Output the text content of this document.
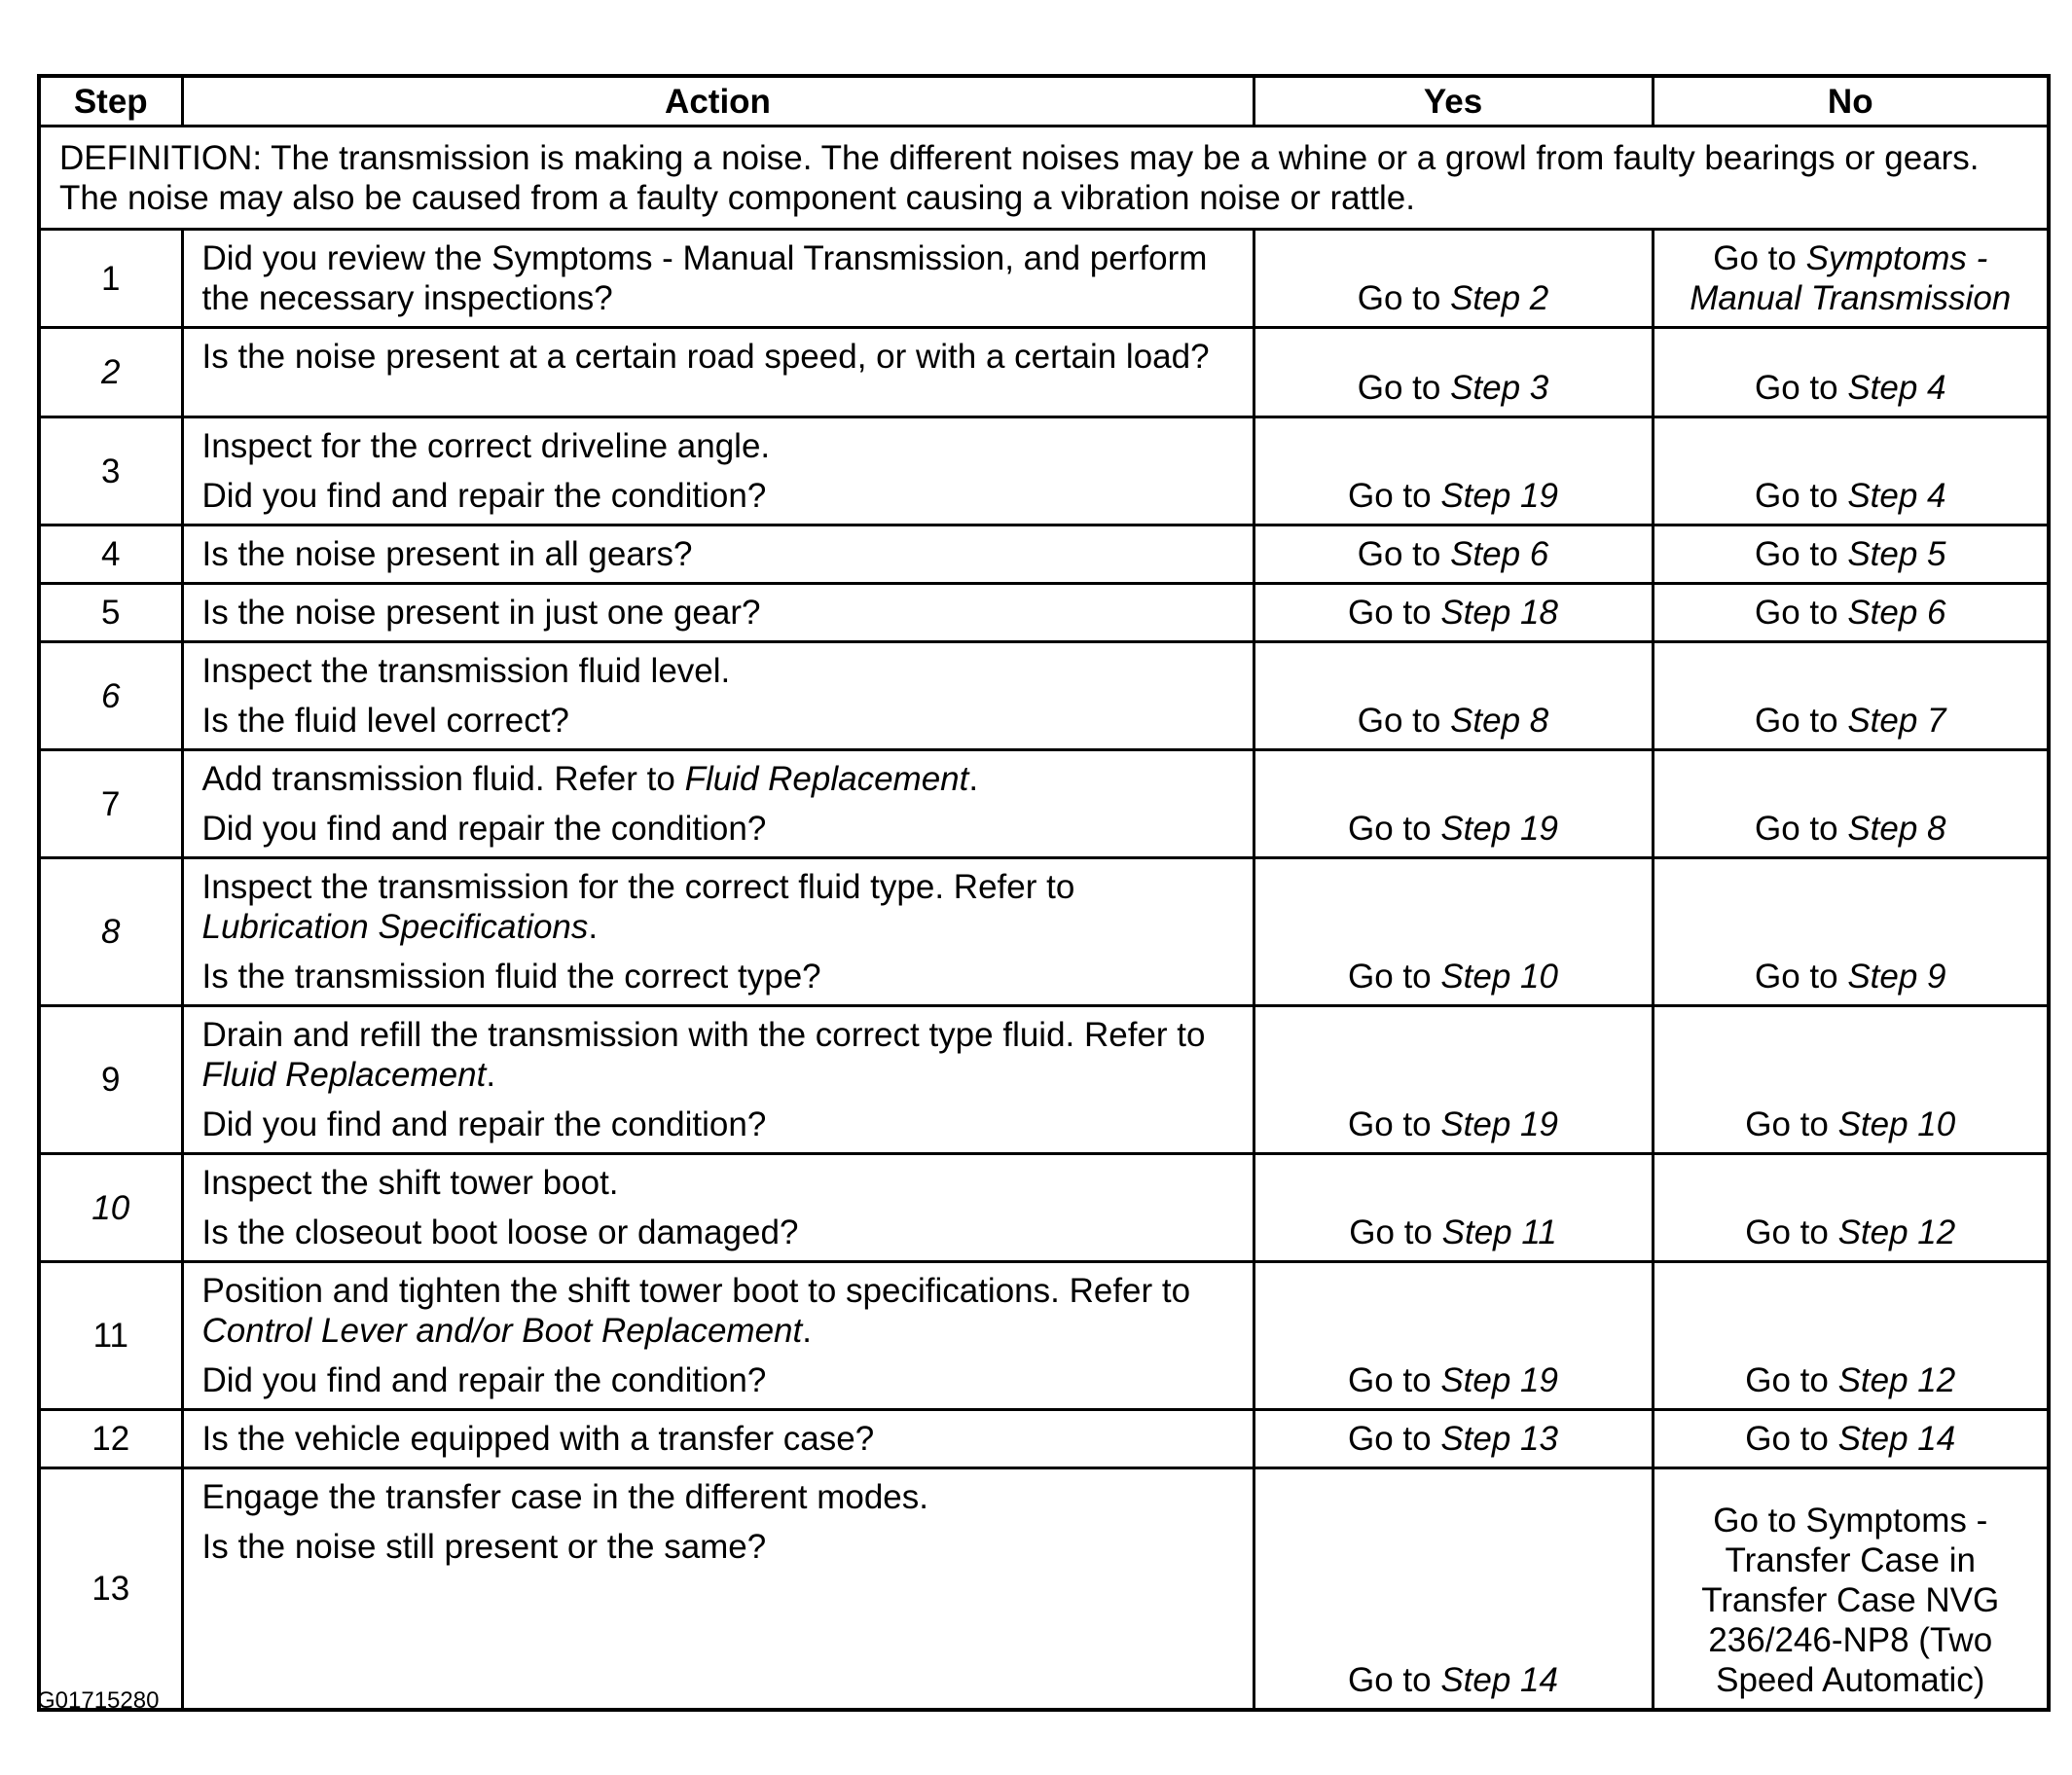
Step	Action	Yes	No
DEFINITION: The transmission is making a noise. The different noises may be a whine or a growl from faulty bearings or gears. The noise may also be caused from a faulty component causing a vibration noise or rattle.			
1	Did you review the Symptoms - Manual Transmission, and perform the necessary inspections?	Go to Step 2	Go to Symptoms - Manual Transmission
2	Is the noise present at a certain road speed, or with a certain load?	Go to Step 3	Go to Step 4
3	Inspect for the correct driveline angle.
Did you find and repair the condition?	Go to Step 19	Go to Step 4
4	Is the noise present in all gears?	Go to Step 6	Go to Step 5
5	Is the noise present in just one gear?	Go to Step 18	Go to Step 6
6	Inspect the transmission fluid level.
Is the fluid level correct?	Go to Step 8	Go to Step 7
7	Add transmission fluid. Refer to Fluid Replacement.
Did you find and repair the condition?	Go to Step 19	Go to Step 8
8	Inspect the transmission for the correct fluid type. Refer to Lubrication Specifications.
Is the transmission fluid the correct type?	Go to Step 10	Go to Step 9
9	Drain and refill the transmission with the correct type fluid. Refer to Fluid Replacement.
Did you find and repair the condition?	Go to Step 19	Go to Step 10
10	Inspect the shift tower boot.
Is the closeout boot loose or damaged?	Go to Step 11	Go to Step 12
11	Position and tighten the shift tower boot to specifications. Refer to Control Lever and/or Boot Replacement.
Did you find and repair the condition?	Go to Step 19	Go to Step 12
12	Is the vehicle equipped with a transfer case?	Go to Step 13	Go to Step 14
13	Engage the transfer case in the different modes.
Is the noise still present or the same?	Go to Step 14	Go to Symptoms - Transfer Case in Transfer Case NVG 236/246-NP8 (Two Speed Automatic)
G01715280
